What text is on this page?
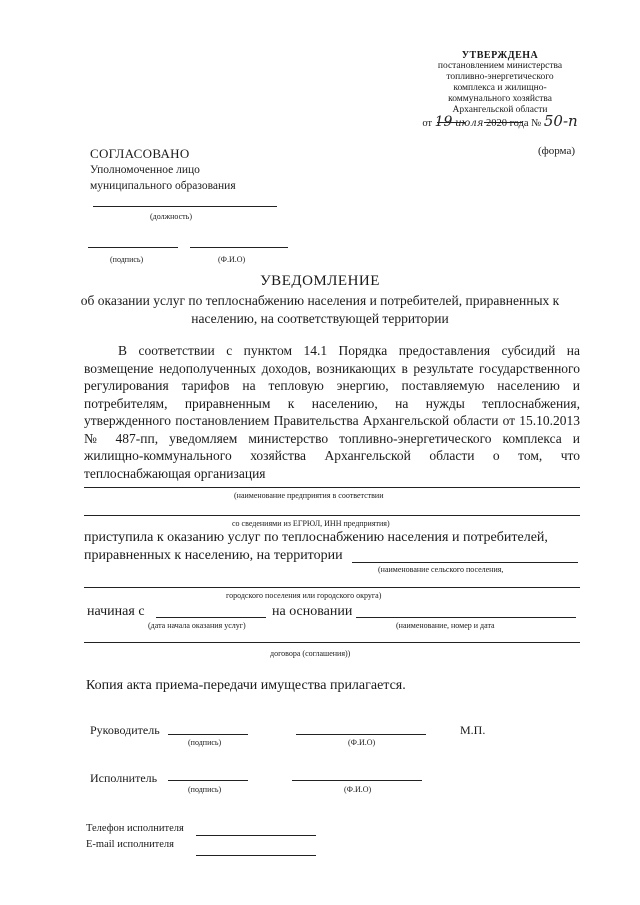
УТВЕРЖДЕНА
постановлением министерства
топливно-энергетического
комплекса и жилищно-
коммунального хозяйства
Архангельской области
от 19 июля 2020 года № 50-п
(форма)
СОГЛАСОВАНО
Уполномоченное лицо
муниципального образования
(должность)
(подпись)	(Ф.И.О)
УВЕДОМЛЕНИЕ
об оказании услуг по теплоснабжению населения и потребителей, приравненных к населению, на соответствующей территории
В соответствии с пунктом 14.1 Порядка предоставления субсидий на возмещение недополученных доходов, возникающих в результате государственного регулирования тарифов на тепловую энергию, поставляемую населению и потребителям, приравненным к населению, на нужды теплоснабжения, утвержденного постановлением Правительства Архангельской области от 15.10.2013 № 487-пп, уведомляем министерство топливно-энергетического комплекса и жилищно-коммунального хозяйства Архангельской области о том, что теплоснабжающая организация
(наименование предприятия в соответствии
со сведениями из ЕГРЮЛ, ИНН предприятия)
приступила к оказанию услуг по теплоснабжению населения и потребителей,
приравненных к населению, на территории
(наименование сельского поселения,
городского поселения или городского округа)
начиная с	на основании
(дата начала оказания услуг)	(наименование, номер и дата
договора (соглашения))
Копия акта приема-передачи имущества прилагается.
Руководитель	М.П.
(подпись)	(Ф.И.О)
Исполнитель
(подпись)	(Ф.И.О)
Телефон исполнителя
E-mail исполнителя
